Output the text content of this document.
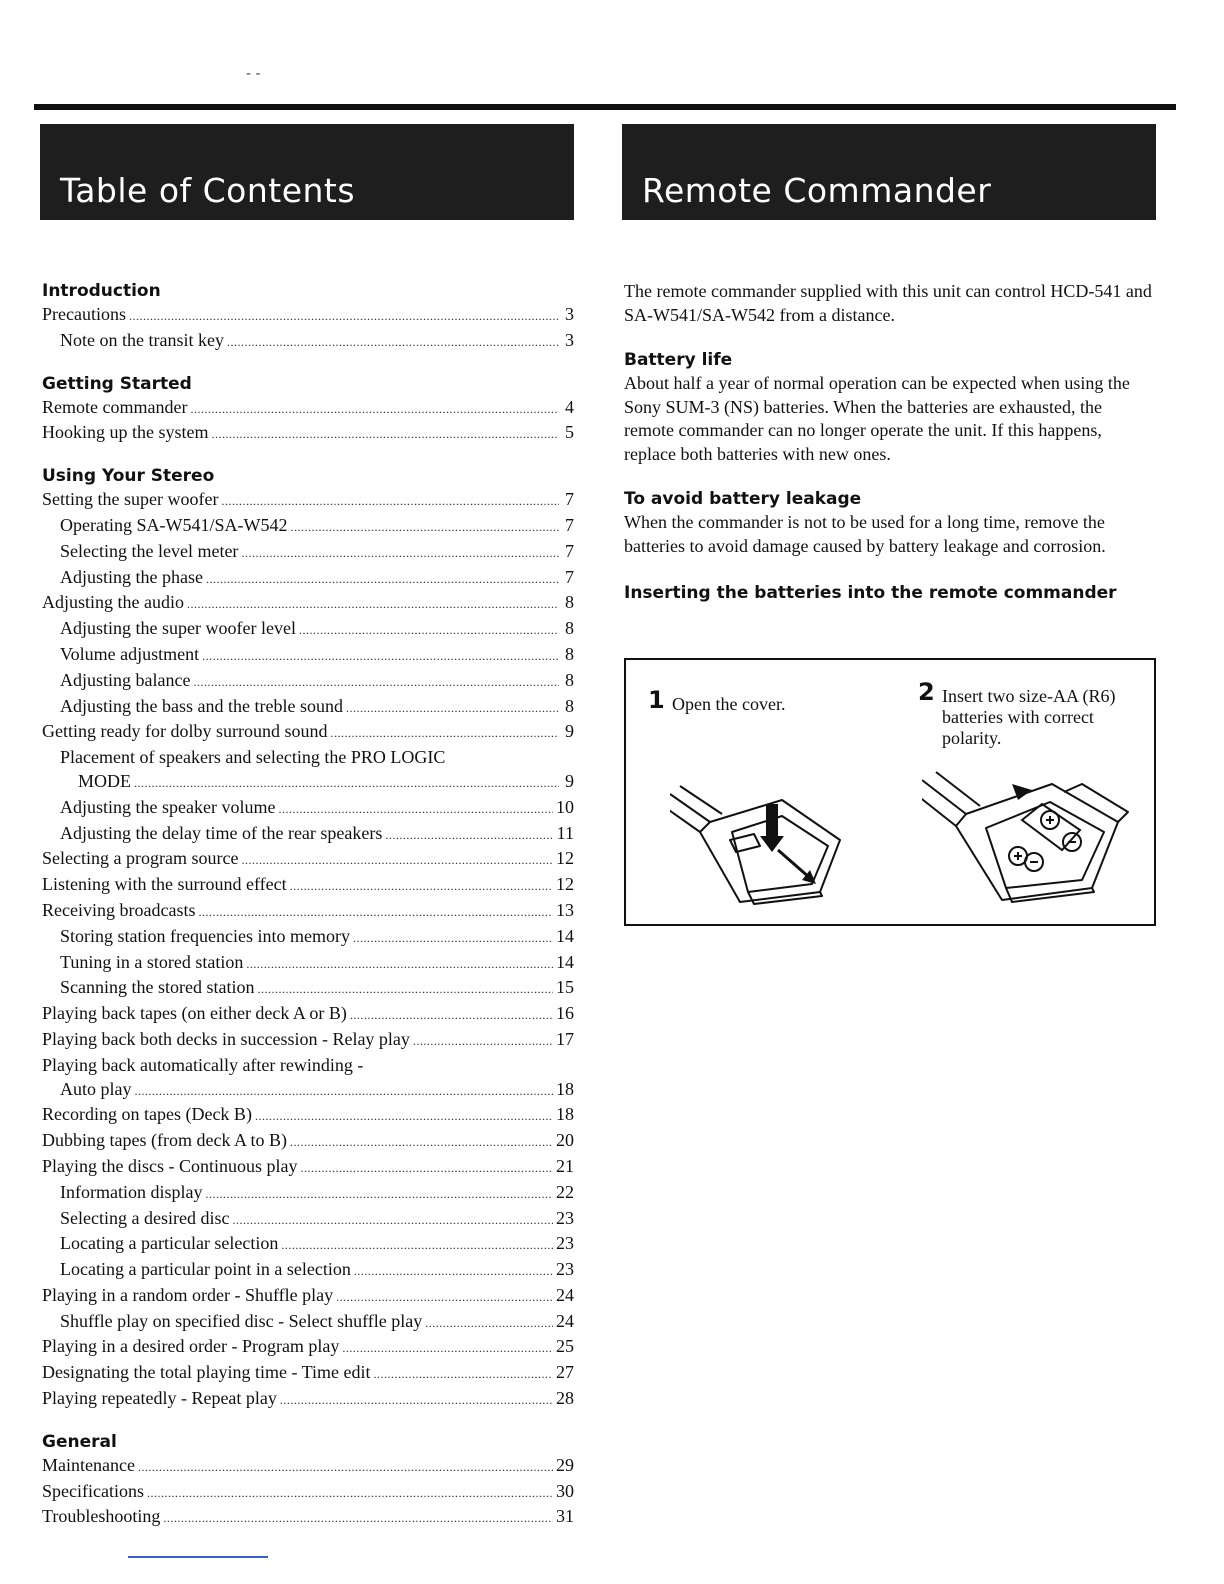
- -
Table of Contents	Remote Commander
Introduction
Precautions .....	3
Note on the transit key .....	3
Getting Started
Remote commander .....	4
Hooking up the system .....	5
Using Your Stereo
Setting the super woofer .....	7
Operating SA-W541/SA-W542 .....	7
Selecting the level meter .....	7
Adjusting the phase .....	7
Adjusting the audio .....	8
Adjusting the super woofer level .....	8
Volume adjustment .....	8
Adjusting balance .....	8
Adjusting the bass and the treble sound .....	8
Getting ready for dolby surround sound .....	9
Placement of speakers and selecting the PRO LOGIC
MODE .....	9
Adjusting the speaker volume .....	10
Adjusting the delay time of the rear speakers .....	11
Selecting a program source .....	12
Listening with the surround effect .....	12
Receiving broadcasts .....	13
Storing station frequencies into memory .....	14
Tuning in a stored station .....	14
Scanning the stored station .....	15
Playing back tapes (on either deck A or B) .....	16
Playing back both decks in succession - Relay play .....	17
Playing back automatically after rewinding -
Auto play .....	18
Recording on tapes (Deck B) .....	18
Dubbing tapes (from deck A to B) .....	20
Playing the discs - Continuous play .....	21
Information display .....	22
Selecting a desired disc .....	23
Locating a particular selection .....	23
Locating a particular point in a selection .....	23
Playing in a random order - Shuffle play .....	24
Shuffle play on specified disc - Select shuffle play .....	24
Playing in a desired order - Program play .....	25
Designating the total playing time - Time edit .....	27
Playing repeatedly - Repeat play .....	28
General
Maintenance .....	29
Specifications .....	30
Troubleshooting .....	31

The remote commander supplied with this unit can control HCD-541 and SA-W541/SA-W542 from a distance.

Battery life

About half a year of normal operation can be expected when using the Sony SUM-3 (NS) batteries. When the batteries are exhausted, the remote commander can no longer operate the unit. If this happens, replace both batteries with new ones.

To avoid battery leakage

When the commander is not to be used for a long time, remove the batteries to avoid damage caused by battery leakage and corrosion.

Inserting the batteries into the remote commander
1 Open the cover.	2 Insert two size-AA (R6) batteries with correct polarity.
